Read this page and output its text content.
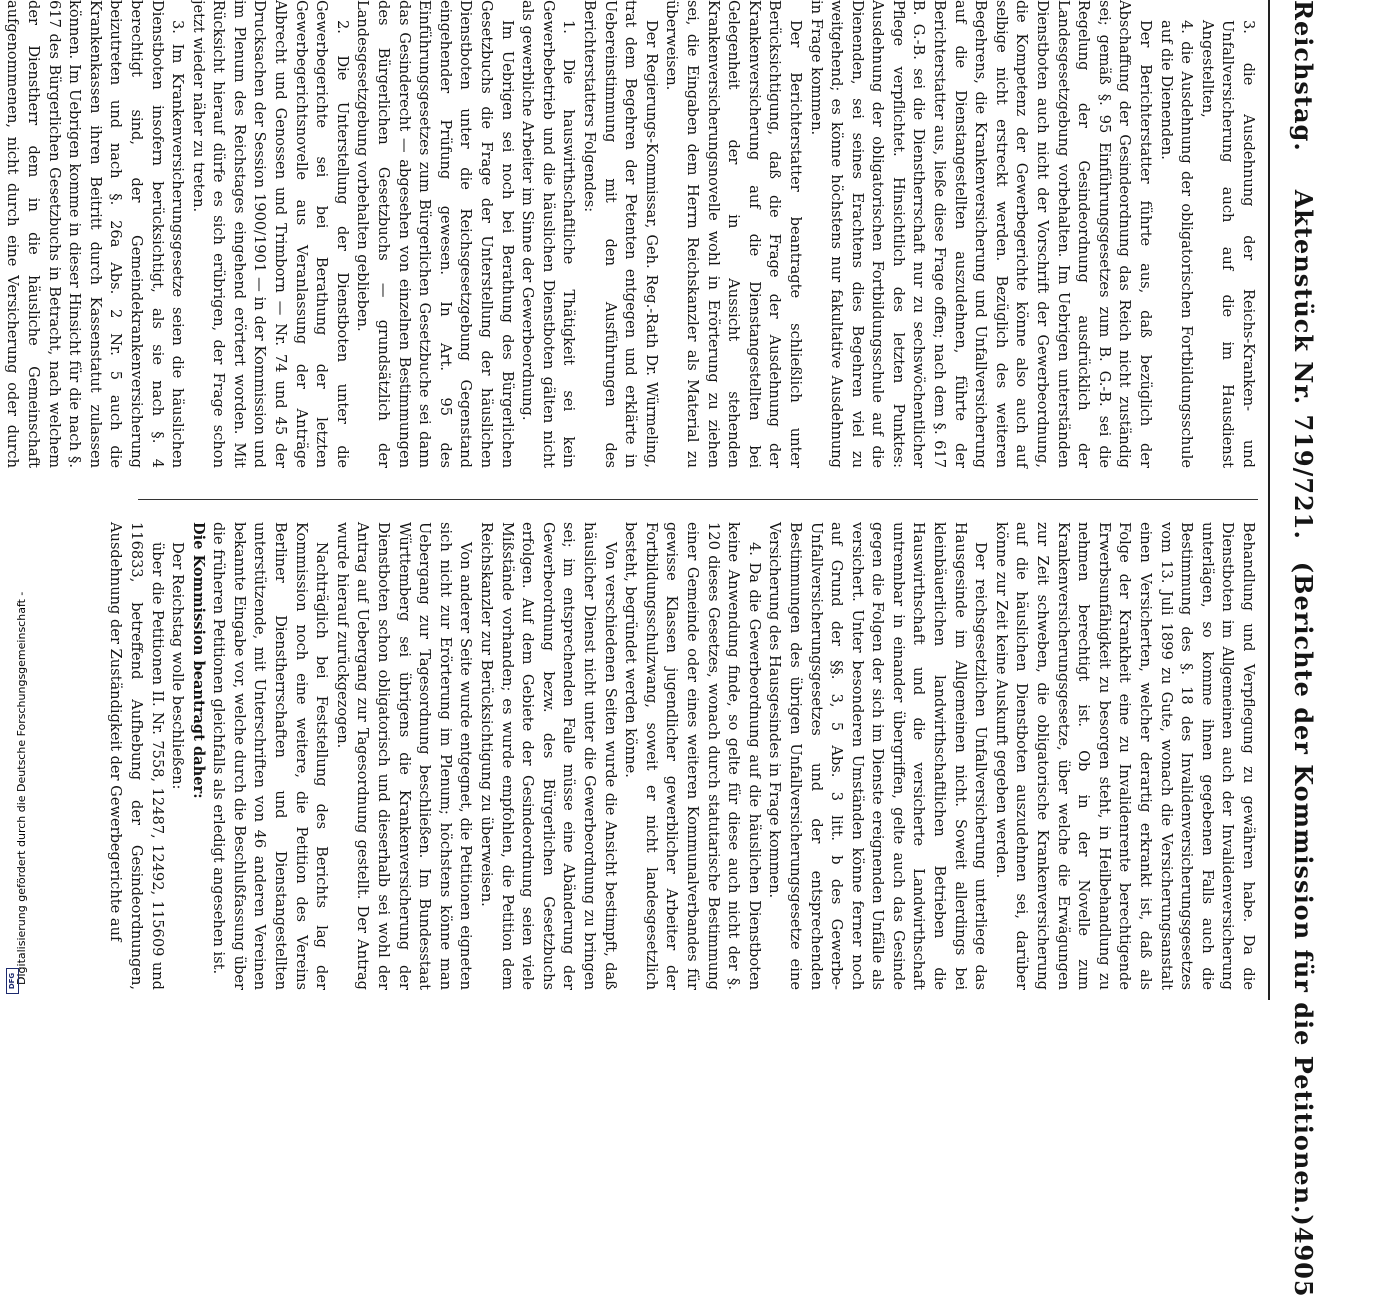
Digitalisierung gefördert durch die Deutsche Forschungsgemeinschaft -
DFG
Reichstag.
Aktenstück Nr. 719/721.
(Berichte der Kommission für die Petitionen.)
4905

3. die Ausdehnung der Reichs-Kranken- und Unfallversicherung auch auf die im Hausdienst Angestellten,

4. die Ausdehnung der obligatorischen Fortbildungsschule auf die Dienenden.

Der Berichterstatter führte aus, daß bezüglich der Abschaffung der Gesindeordnung das Reich nicht zuständig sei; gemäß §. 95 Einführungsgesetzes zum B. G.-B. sei die Regelung der Gesindeordnung ausdrücklich der Landesgesetzgebung vorbehalten. Im Uebrigen unterständen Dienstboten auch nicht der Vorschrift der Gewerbeordnung, die Kompetenz der Gewerbegerichte könne also auch auf selbige nicht erstreckt werden. Bezüglich des weiteren Begehrens, die Krankenversicherung und Unfallversicherung auf die Dienstangestellten auszudehnen, führte der Berichterstatter aus, ließe diese Frage offen; nach dem §. 617 B. G.-B. sei die Dienstherrschaft nur zu sechswöchentlicher Pflege verpflichtet. Hinsichtlich des letzten Punktes: Ausdehnung der obligatorischen Fortbildungsschule auf die Dienenden, sei seines Erachtens dies Begehren viel zu weitgehend; es könne höchstens nur fakultative Ausdehnung in Frage kommen.

Der Berichterstatter beantragte schließlich unter Berücksichtigung, daß die Frage der Ausdehnung der Krankenversicherung auf die Dienstangestellten bei Gelegenheit der in Aussicht stehenden Krankenversicherungsnovelle wohl in Erörterung zu ziehen sei, die Eingaben dem Herrn Reichskanzler als Material zu überweisen.

Der Regierungs-Kommissar, Geh. Reg.-Rath Dr. Würmeling, trat dem Begehren der Petenten entgegen und erklärte in Uebereinstimmung mit den Ausführungen des Berichterstatters Folgendes:

1. Die hauswirthschaftliche Thätigkeit sei kein Gewerbebetrieb und die häuslichen Dienstboten gälten nicht als gewerbliche Arbeiter im Sinne der Gewerbeordnung.

Im Uebrigen sei noch bei Berathung des Bürgerlichen Gesetzbuchs die Frage der Unterstellung der häuslichen Dienstboten unter die Reichsgesetzgebung Gegenstand eingehender Prüfung gewesen. In Art. 95 des Einführungsgesetzes zum Bürgerlichen Gesetzbuche sei dann das Gesinderecht — abgesehen von einzelnen Bestimmungen des Bürgerlichen Gesetzbuchs — grundsätzlich der Landesgesetzgebung vorbehalten geblieben.

2. Die Unterstellung der Dienstboten unter die Gewerbegerichte sei bei Berathung der letzten Gewerbegerichtsnovelle aus Veranlassung der Anträge Albrecht und Genossen und Trimborn — Nr. 74 und 45 der Drucksachen der Session 1900/1901 — in der Kommission und im Plenum des Reichstages eingehend erörtert worden. Mit Rücksicht hierauf dürfe es sich erübrigen, der Frage schon jetzt wieder näher zu treten.

3. Im Krankenversicherungsgesetze seien die häuslichen Dienstboten insofern berücksichtigt, als sie nach §. 4 berechtigt sind, der Gemeindekrankenversicherung beizutreten und nach §. 26a Abs. 2 Nr. 5 auch die Krankenkassen ihren Beitritt durch Kassenstatut zulassen können. Im Uebrigen komme in dieser Hinsicht für die nach §. 617 des Bürgerlichen Gesetzbuchs in Betracht, nach welchem der Dienstherr dem in die häusliche Gemeinschaft aufgenommenen, nicht durch eine Versicherung oder durch

Behandlung und Verpflegung zu gewähren habe. Da die Dienstboten im Allgemeinen auch der Invalidenversicherung unterlägen, so komme ihnen gegebenen Falls auch die Bestimmung des §. 18 des Invalidenversicherungsgesetzes vom 13. Juli 1899 zu Gute, wonach die Versicherungsanstalt einen Versicherten, welcher derartig erkrankt ist, daß als Folge der Krankheit eine zu Invalidenrente berechtigende Erwerbsunfähigkeit zu besorgen steht, in Heilbehandlung zu nehmen berechtigt ist. Ob in der Novelle zum Krankenversicherungsgesetze, über welche die Erwägungen zur Zeit schweben, die obligatorische Krankenversicherung auf die häuslichen Dienstboten auszudehnen sei, darüber könne zur Zeit keine Auskunft gegeben werden.

Der reichsgesetzlichen Unfallversicherung unterliege das Hausgesinde im Allgemeinen nicht. Soweit allerdings bei kleinbäuerlichen landwirthschaftlichen Betrieben die Hauswirthschaft und die versicherte Landwirthschaft untrennbar in einander übergriffen, gelte auch das Gesinde gegen die Folgen der sich im Dienste ereignenden Unfälle als versichert. Unter besonderen Umständen könne ferner noch auf Grund der §§. 3, 5 Abs. 3 litt. b des Gewerbe-Unfallversicherungsgesetzes und der entsprechenden Bestimmungen des übrigen Unfallversicherungsgesetze eine Versicherung des Hausgesindes in Frage kommen.

4. Da die Gewerbeordnung auf die häuslichen Dienstboten keine Anwendung finde, so gelte für diese auch nicht der §. 120 dieses Gesetzes, wonach durch statutarische Bestimmung einer Gemeinde oder eines weiteren Kommunalverbandes für gewisse Klassen jugendlicher gewerblicher Arbeiter der Fortbildungsschulzwang, soweit er nicht landesgesetzlich besteht, begründet werden könne.

Von verschiedenen Seiten wurde die Ansicht bestimpft, daß häuslicher Dienst nicht unter die Gewerbeordnung zu bringen sei; im entsprechenden Falle müsse eine Abänderung der Gewerbeordnung bezw. des Bürgerlichen Gesetzbuchs erfolgen. Auf dem Gebiete der Gesindeordnung seien viele Mißstände vorhanden; es wurde empfohlen, die Petition dem Reichskanzler zur Berücksichtigung zu überweisen.

Von anderer Seite wurde entgegnet, die Petitionen eigneten sich nicht zur Erörterung im Plenum; höchstens könne man Uebergang zur Tagesordnung beschließen. Im Bundesstaat Württemberg sei übrigens die Krankenversicherung der Dienstboten schon obligatorisch und dieserhalb sei wohl der Antrag auf Uebergang zur Tagesordnung gestellt. Der Antrag wurde hierauf zurückgezogen.

Nachträglich bei Feststellung des Berichts lag der Kommission noch eine weitere, die Petition des Vereins Berliner Dienstherrschaften und Dienstangestellten unterstützende, mit Unterschriften von 46 anderen Vereinen bekannte Eingabe vor, welche durch die Beschlußfassung über die früheren Petitionen gleichfalls als erledigt angesehen ist.

Die Kommission beantragt daher:

Der Reichstag wolle beschließen:

über die Petitionen II. Nr. 7558, 12487, 12492, 115609 und 116833, betreffend Aufhebung der Gesindeordnungen, Ausdehnung der Zuständigkeit der Gewerbegerichte auf
